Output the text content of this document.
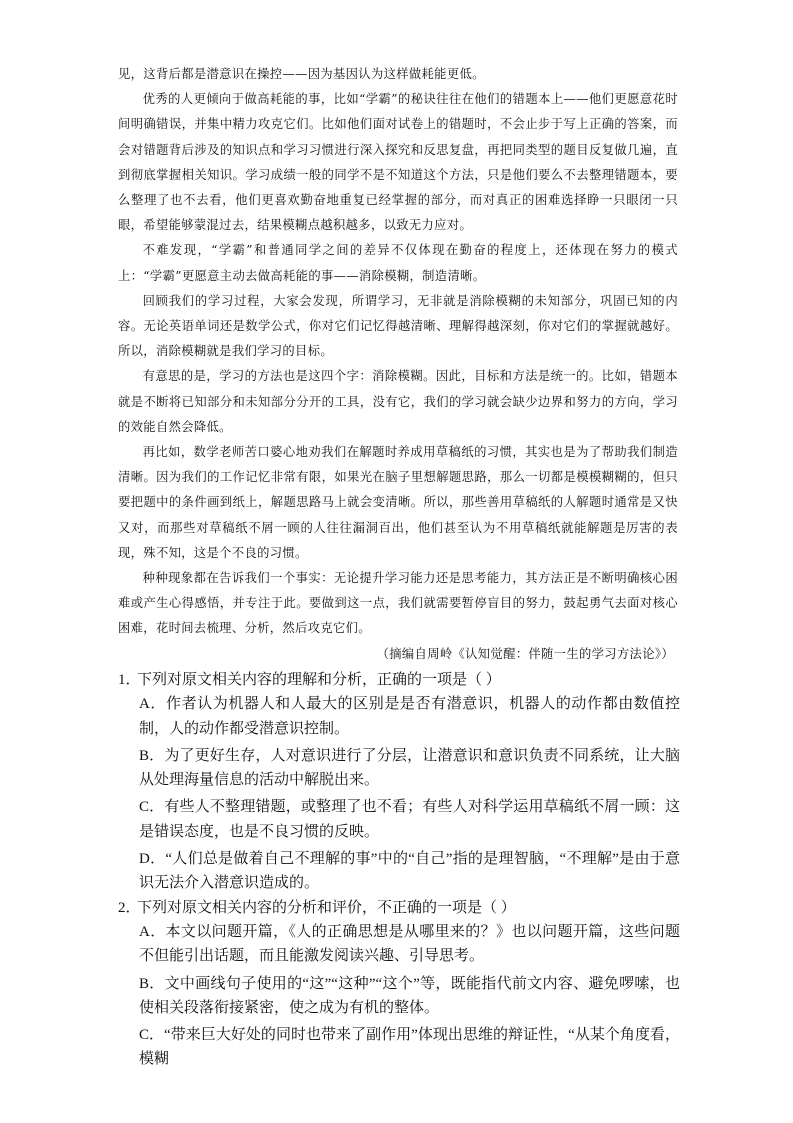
见，这背后都是潜意识在操控——因为基因认为这样做耗能更低。

优秀的人更倾向于做高耗能的事，比如“学霸”的秘诀往往在他们的错题本上——他们更愿意花时间明确错误，并集中精力攻克它们。比如他们面对试卷上的错题时，不会止步于写上正确的答案，而会对错题背后涉及的知识点和学习习惯进行深入探究和反思复盘，再把同类型的题目反复做几遍，直到彻底掌握相关知识。学习成绩一般的同学不是不知道这个方法，只是他们要么不去整理错题本，要么整理了也不去看，他们更喜欢勤奋地重复已经掌握的部分，而对真正的困难选择睁一只眼闭一只眼，希望能够蒙混过去，结果模糊点越积越多，以致无力应对。

不难发现，“学霸”和普通同学之间的差异不仅体现在勤奋的程度上，还体现在努力的模式上：“学霸”更愿意主动去做高耗能的事——消除模糊，制造清晰。

回顾我们的学习过程，大家会发现，所谓学习，无非就是消除模糊的未知部分，巩固已知的内容。无论英语单词还是数学公式，你对它们记忆得越清晰、理解得越深刻，你对它们的掌握就越好。所以，消除模糊就是我们学习的目标。

有意思的是，学习的方法也是这四个字：消除模糊。因此，目标和方法是统一的。比如，错题本就是不断将已知部分和未知部分分开的工具，没有它，我们的学习就会缺少边界和努力的方向，学习的效能自然会降低。

再比如，数学老师苦口婆心地劝我们在解题时养成用草稿纸的习惯，其实也是为了帮助我们制造清晰。因为我们的工作记忆非常有限，如果光在脑子里想解题思路，那么一切都是模模糊糊的，但只要把题中的条件画到纸上，解题思路马上就会变清晰。所以，那些善用草稿纸的人解题时通常是又快又对，而那些对草稿纸不屑一顾的人往往漏洞百出，他们甚至认为不用草稿纸就能解题是厉害的表现，殊不知，这是个不良的习惯。

种种现象都在告诉我们一个事实：无论提升学习能力还是思考能力，其方法正是不断明确核心困难或产生心得感悟，并专注于此。要做到这一点，我们就需要暂停盲目的努力，鼓起勇气去面对核心困难，花时间去梳理、分析，然后攻克它们。

（摘编自周岭《认知觉醒：伴随一生的学习方法论》）

1．下列对原文相关内容的理解和分析，正确的一项是（ ）

A．作者认为机器人和人最大的区别是是否有潜意识，机器人的动作都由数值控制，人的动作都受潜意识控制。

B．为了更好生存，人对意识进行了分层，让潜意识和意识负责不同系统，让大脑从处理海量信息的活动中解脱出来。

C．有些人不整理错题，或整理了也不看；有些人对科学运用草稿纸不屑一顾：这是错误态度，也是不良习惯的反映。

D．“人们总是做着自己不理解的事”中的“自己”指的是理智脑，“不理解”是由于意识无法介入潜意识造成的。

2．下列对原文相关内容的分析和评价，不正确的一项是（ ）

A．本文以问题开篇，《人的正确思想是从哪里来的？》也以问题开篇，这些问题不但能引出话题，而且能激发阅读兴趣、引导思考。

B．文中画线句子使用的“这”“这种”“这个”等，既能指代前文内容、避免啰嗦，也使相关段落衔接紧密，使之成为有机的整体。

C．“带来巨大好处的同时也带来了副作用”体现出思维的辩证性，“从某个角度看，模糊
